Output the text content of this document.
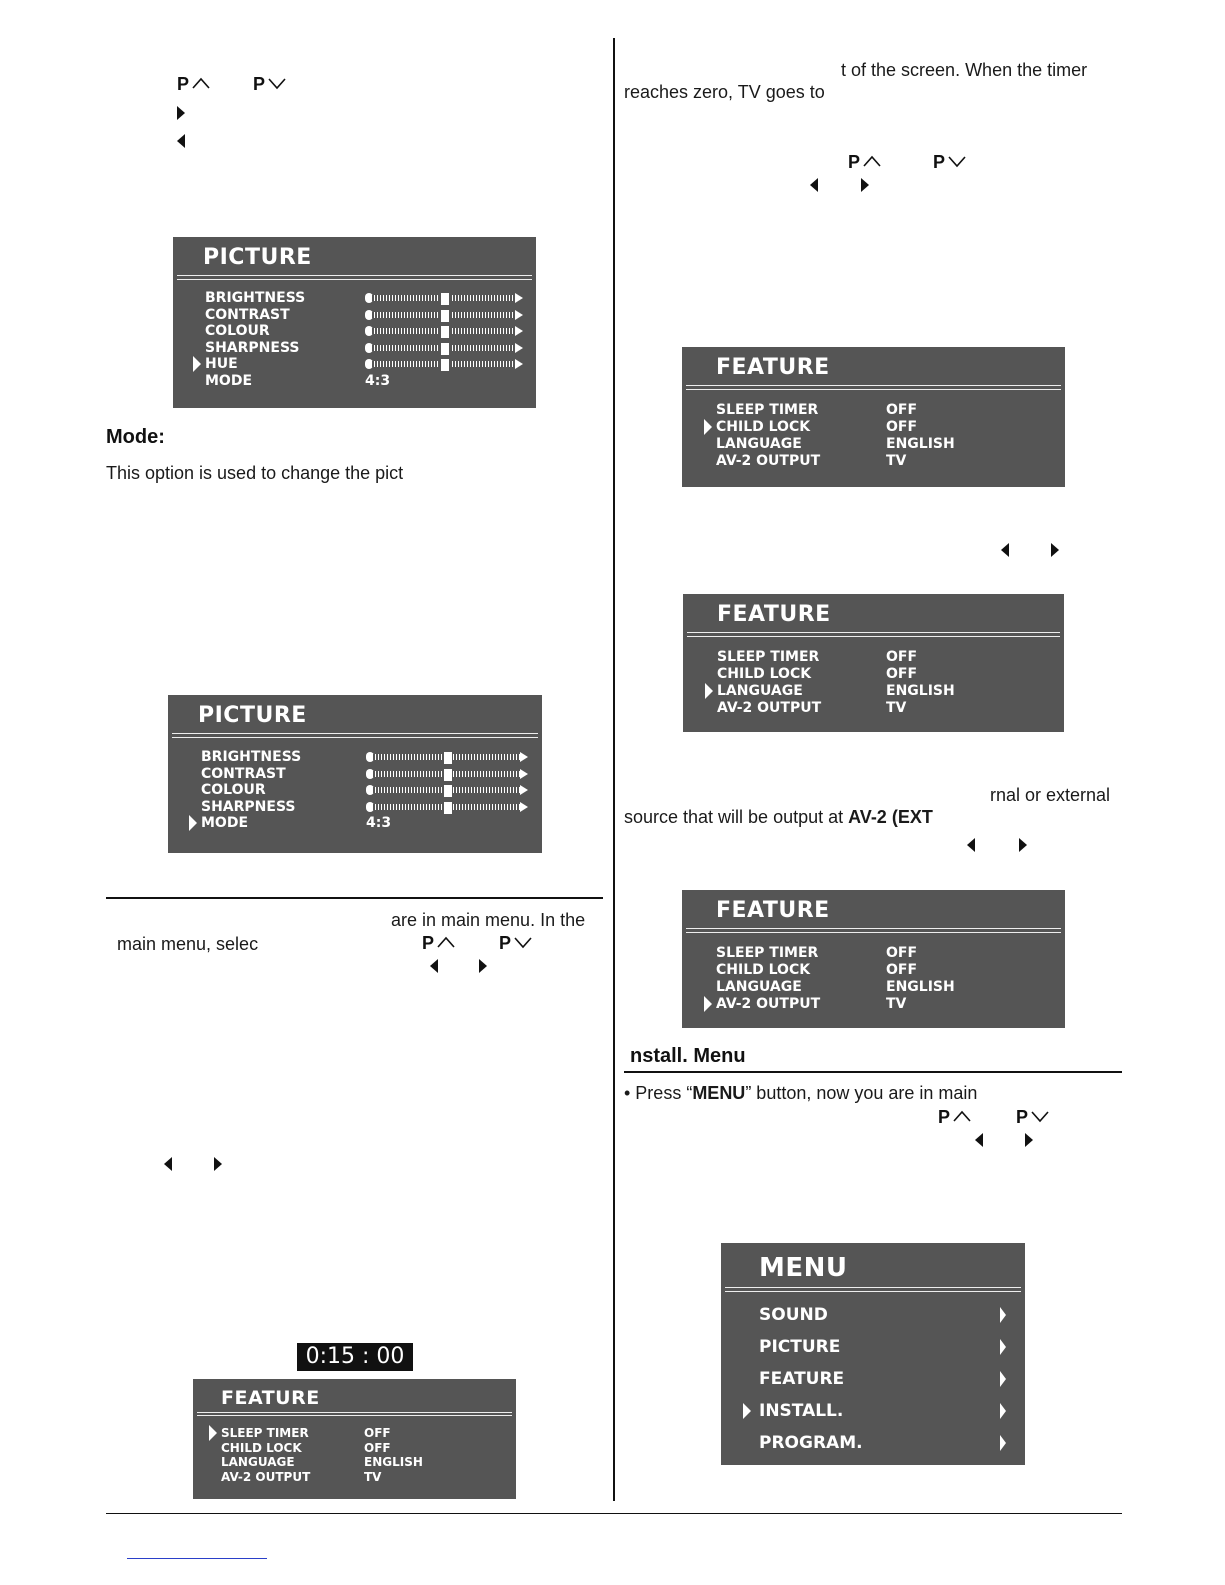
P	P
PICTURE
BRIGHTNESS
CONTRAST
COLOUR
SHARPNESS
HUE
MODE	4:3
Mode:
This option is used to change the pict
PICTURE
BRIGHTNESS
CONTRAST
COLOUR
SHARPNESS
MODE	4:3
are in main menu. In the
main menu, selec	P	P
0:15 : 00
FEATURE
SLEEP TIMER	OFF
CHILD LOCK	OFF
LANGUAGE	ENGLISH
AV-2 OUTPUT	TV
t of the screen. When the timer
reaches zero, TV goes to
P	P
FEATURE
SLEEP TIMER	OFF
CHILD LOCK	OFF
LANGUAGE	ENGLISH
AV-2 OUTPUT	TV
FEATURE
SLEEP TIMER	OFF
CHILD LOCK	OFF
LANGUAGE	ENGLISH
AV-2 OUTPUT	TV
rnal or external
source that will be output at AV-2 (EXT
FEATURE
SLEEP TIMER	OFF
CHILD LOCK	OFF
LANGUAGE	ENGLISH
AV-2 OUTPUT	TV
nstall. Menu
• Press “MENU” button, now you are in main
P	P
MENU
SOUND
PICTURE
FEATURE
INSTALL.
PROGRAM.
